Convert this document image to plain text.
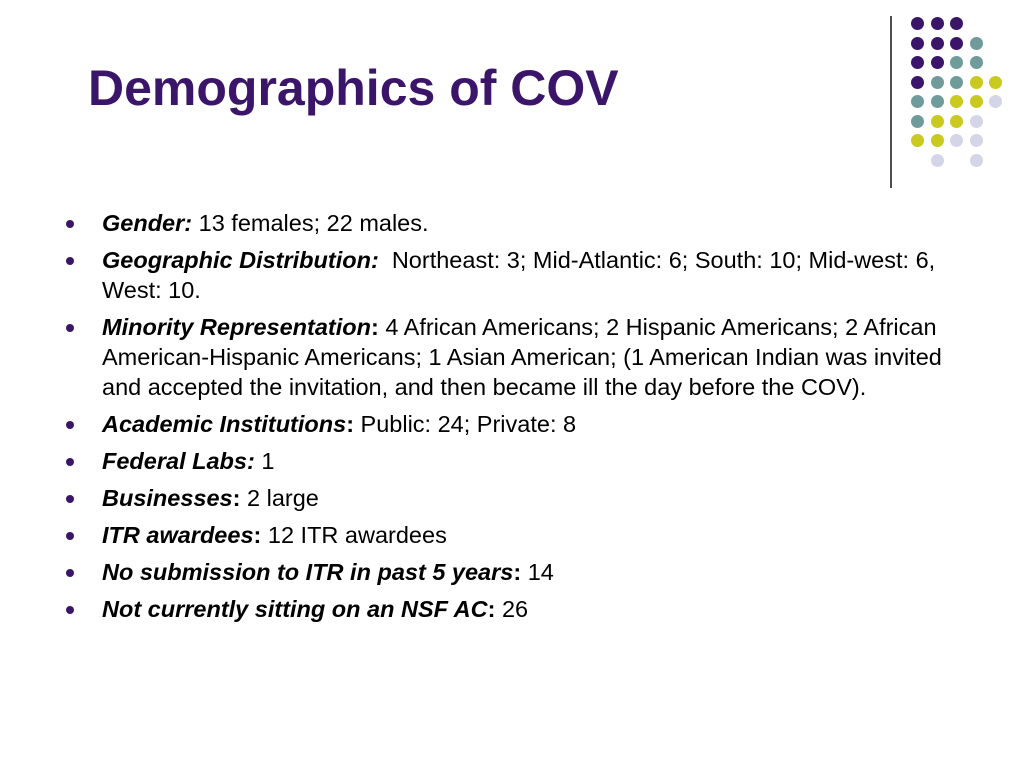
Demographics of COV
Gender: 13 females; 22 males.
Geographic Distribution:  Northeast: 3; Mid-Atlantic: 6; South: 10; Mid-west: 6, West: 10.
Minority Representation: 4 African Americans; 2 Hispanic Americans; 2 African American-Hispanic Americans; 1 Asian American; (1 American Indian was invited and accepted the invitation, and then became ill the day before the COV).
Academic Institutions: Public: 24; Private: 8
Federal Labs: 1
Businesses: 2 large
ITR awardees: 12 ITR awardees
No submission to ITR in past 5 years: 14
Not currently sitting on an NSF AC: 26
